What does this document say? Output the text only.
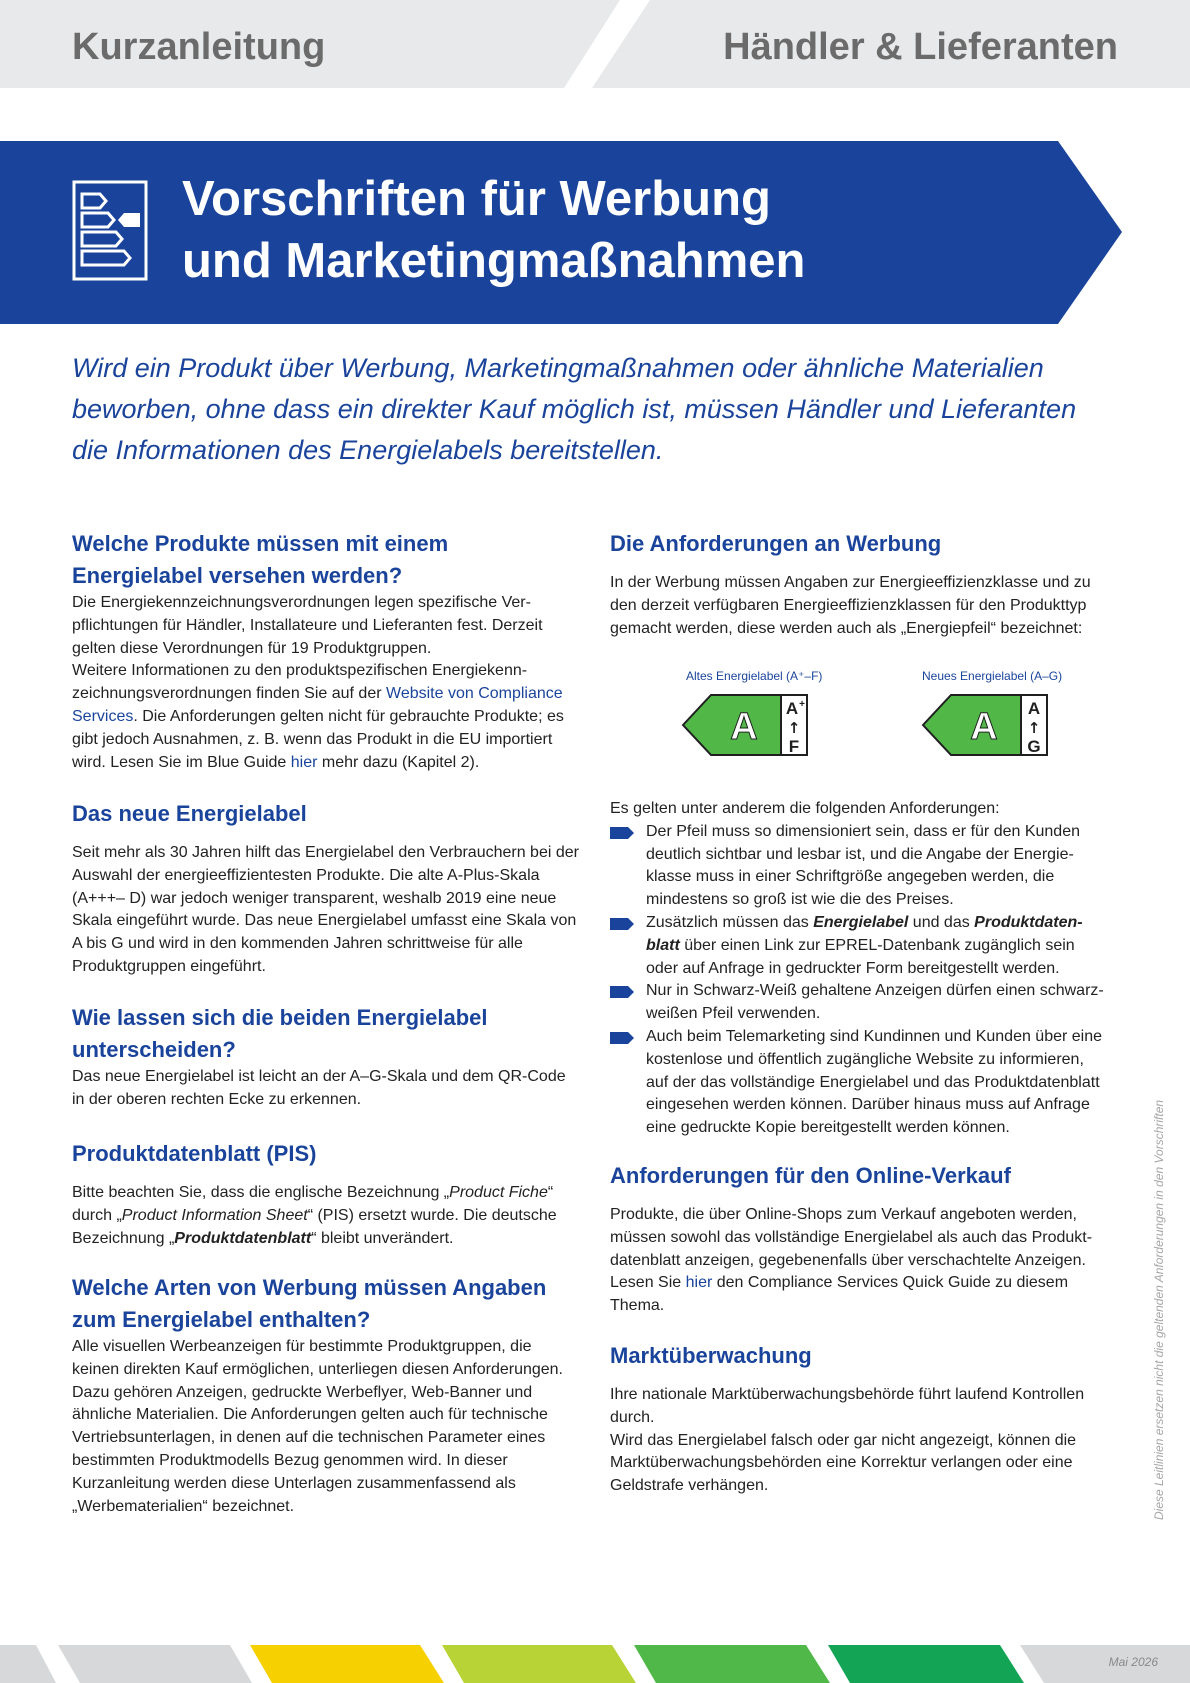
Kurzanleitung	Händler & Lieferanten
Vorschriften für Werbung
und Marketingmaßnahmen
Wird ein Produkt über Werbung, Marketingmaßnahmen oder ähnliche Materialien beworben, ohne dass ein direkter Kauf möglich ist, müssen Händler und Lieferanten die Informationen des Energielabels bereitstellen.
Welche Produkte müssen mit einem Energielabel versehen werden?

Die Energiekennzeichnungsverordnungen legen spezifische Verpflichtungen für Händler, Installateure und Lieferanten fest. Derzeit gelten diese Verordnungen für 19 Produktgruppen.

Weitere Informationen zu den produktspezifischen Energiekennzeichnungsverordnungen finden Sie auf der Website von Compliance Services. Die Anforderungen gelten nicht für gebrauchte Produkte; es gibt jedoch Ausnahmen, z. B. wenn das Produkt in die EU importiert wird. Lesen Sie im Blue Guide hier mehr dazu (Kapitel 2).

Das neue Energielabel

Seit mehr als 30 Jahren hilft das Energielabel den Verbrauchern bei der Auswahl der energieeffizientesten Produkte. Die alte A-Plus-Skala (A+++– D) war jedoch weniger transparent, weshalb 2019 eine neue Skala eingeführt wurde. Das neue Energielabel umfasst eine Skala von A bis G und wird in den kommenden Jahren schrittweise für alle Produktgruppen eingeführt.

Wie lassen sich die beiden Energielabel unterscheiden?

Das neue Energielabel ist leicht an der A–G-Skala und dem QR-Code in der oberen rechten Ecke zu erkennen.

Produktdatenblatt (PIS)

Bitte beachten Sie, dass die englische Bezeichnung „Product Fiche“ durch „Product Information Sheet“ (PIS) ersetzt wurde. Die deutsche Bezeichnung „Produktdatenblatt“ bleibt unverändert.

Welche Arten von Werbung müssen Angaben zum Energielabel enthalten?

Alle visuellen Werbeanzeigen für bestimmte Produktgruppen, die keinen direkten Kauf ermöglichen, unterliegen diesen Anforderungen. Dazu gehören Anzeigen, gedruckte Werbeflyer, Web-Banner und ähnliche Materialien. Die Anforderungen gelten auch für technische Vertriebsunterlagen, in denen auf die technischen Parameter eines bestimmten Produktmodells Bezug genommen wird. In dieser Kurzanleitung werden diese Unterlagen zusammenfassend als „Werbematerialien“ bezeichnet.

Die Anforderungen an Werbung

In der Werbung müssen Angaben zur Energieeffizienzklasse und zu den derzeit verfügbaren Energieeffizienzklassen für den Produkttyp gemacht werden, diese werden auch als „Energiepfeil“ bezeichnet:

Altes Energielabel (A⁺–F)	Neues Energielabel (A–G)
A	A
A +
↑
F
A
↑
G

Es gelten unter anderem die folgenden Anforderungen:

Der Pfeil muss so dimensioniert sein, dass er für den Kunden deutlich sichtbar und lesbar ist, und die Angabe der Energieklasse muss in einer Schriftgröße angegeben werden, die mindestens so groß ist wie die des Preises.
Zusätzlich müssen das Energielabel und das Produktdatenblatt über einen Link zur EPREL-Datenbank zugänglich sein oder auf Anfrage in gedruckter Form bereitgestellt werden.
Nur in Schwarz-Weiß gehaltene Anzeigen dürfen einen schwarz-weißen Pfeil verwenden.
Auch beim Telemarketing sind Kundinnen und Kunden über eine kostenlose und öffentlich zugängliche Website zu informieren, auf der das vollständige Energielabel und das Produktdatenblatt eingesehen werden können. Darüber hinaus muss auf Anfrage eine gedruckte Kopie bereitgestellt werden können.
Anforderungen für den Online-Verkauf

Produkte, die über Online-Shops zum Verkauf angeboten werden, müssen sowohl das vollständige Energielabel als auch das Produktdatenblatt anzeigen, gegebenenfalls über verschachtelte Anzeigen. Lesen Sie hier den Compliance Services Quick Guide zu diesem Thema.

Marktüberwachung

Ihre nationale Marktüberwachungsbehörde führt laufend Kontrollen durch.

Wird das Energielabel falsch oder gar nicht angezeigt, können die Marktüberwachungsbehörden eine Korrektur verlangen oder eine Geldstrafe verhängen.	Diese Leitlinien ersetzen nicht die geltenden Anforderungen in den Vorschriften
Mai 2026
